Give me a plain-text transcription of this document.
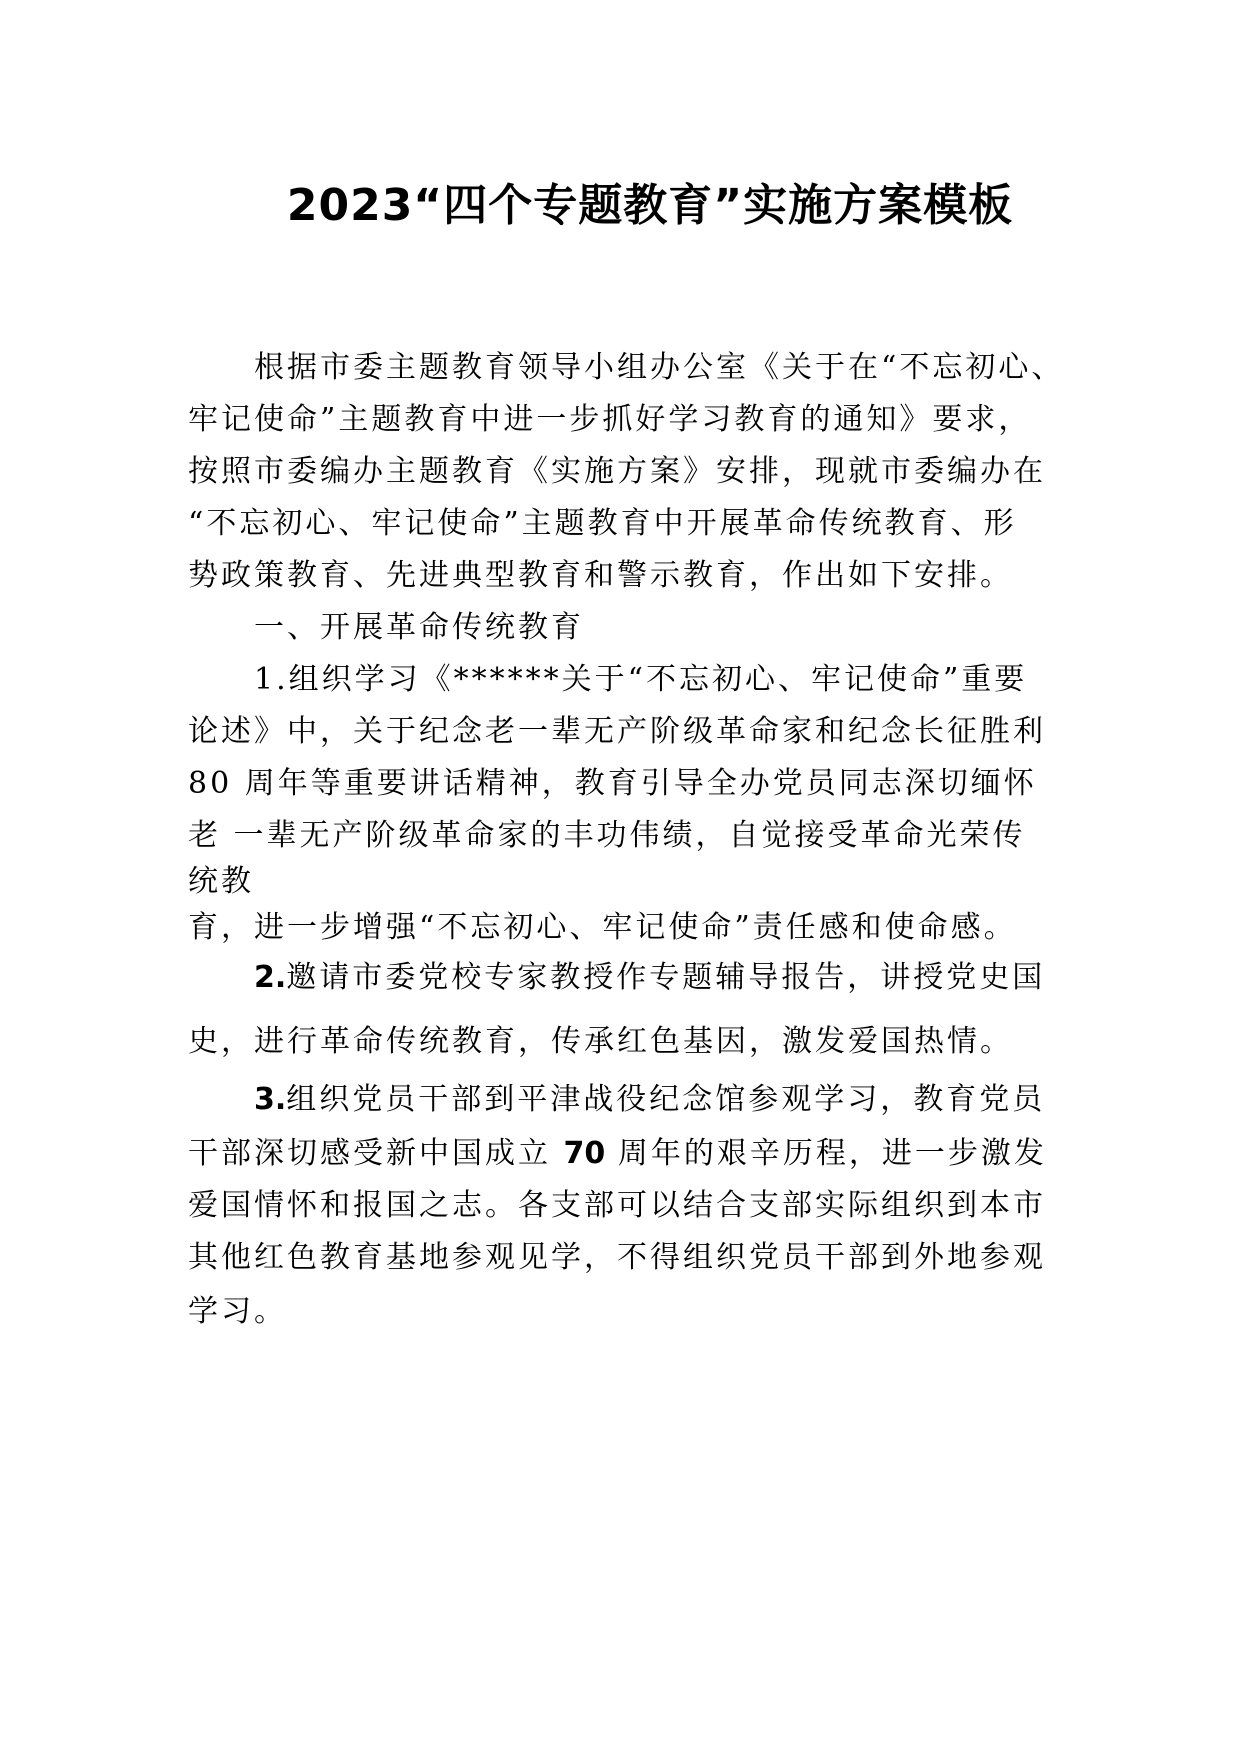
2023“四个专题教育”实施方案模板
根据市委主题教育领导小组办公室《关于在“不忘初心、
牢记使命”主题教育中进一步抓好学习教育的通知》要求，
按照市委编办主题教育《实施方案》安排，现就市委编办在
“不忘初心、牢记使命”主题教育中开展革命传统教育、形
势政策教育、先进典型教育和警示教育，作出如下安排。
一、开展革命传统教育
1.组织学习《******关于“不忘初心、牢记使命”重要
论述》中，关于纪念老一辈无产阶级革命家和纪念长征胜利
80 周年等重要讲话精神，教育引导全办党员同志深切缅怀
老 一辈无产阶级革命家的丰功伟绩，自觉接受革命光荣传
统教
育，进一步增强“不忘初心、牢记使命”责任感和使命感。
2.邀请市委党校专家教授作专题辅导报告，讲授党史国
史，进行革命传统教育，传承红色基因，激发爱国热情。
3.组织党员干部到平津战役纪念馆参观学习，教育党员
干部深切感受新中国成立 70 周年的艰辛历程，进一步激发
爱国情怀和报国之志。各支部可以结合支部实际组织到本市
其他红色教育基地参观见学，不得组织党员干部到外地参观
学习。
